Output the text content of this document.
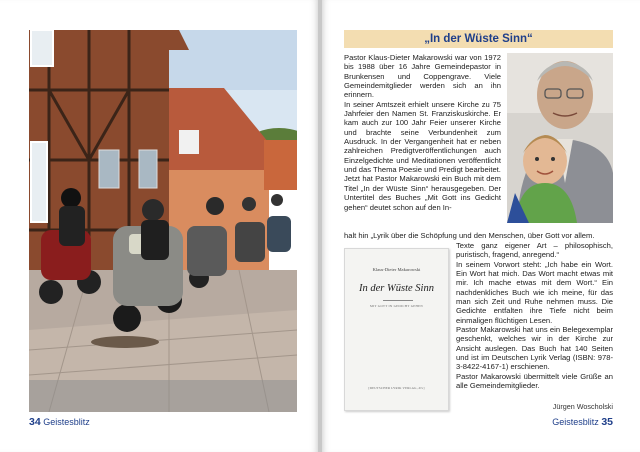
34 Geistesblitz
„In der Wüste Sinn“

Pastor Klaus-Dieter Makarowski war von 1972 bis 1988 über 16 Jahre Gemeindepastor in Brunkensen und Coppengrave. Viele Gemeindemitglieder werden sich an ihn erinnern.

In seiner Amtszeit erhielt unsere Kirche zu 75 Jahrfeier den Namen St. Franziskuskirche. Er kam auch zur 100 Jahr Feier unserer Kirche und brachte seine Verbundenheit zum Ausdruck. In der Vergangenheit hat er neben zahlreichen Predigtveröffentlichungen auch Einzelgedichte und Meditationen veröffentlicht und das Thema Poesie und Predigt bearbeitet.

Jetzt hat Pastor Makarowski ein Buch mit dem Titel „In der Wüste Sinn“ herausgegeben. Der Untertitel des Buches „Mit Gott ins Gedicht gehen“ deutet schon auf den In-

halt hin „Lyrik über die Schöpfung und den Menschen, über Gott vor allem.

Klaus-Dieter Makarowski
In der Wüste Sinn
MIT GOTT IN GEDICHT GEHEN
[DEUTSCHER LYRIK VERLAG, dlv]

Texte ganz eigener Art – philosophisch, puristisch, fragend, anregend.“

In seinem Vorwort steht: „Ich habe ein Wort. Ein Wort hat mich. Das Wort macht etwas mit mir. Ich mache etwas mit dem Wort.“ Ein nachdenkliches Buch wie ich meine, für das man sich Zeit und Ruhe nehmen muss. Die Gedichte entfalten ihre Tiefe nicht beim einmaligen flüchtigen Lesen.

Pastor Makarowski hat uns ein Belegexemplar geschenkt, welches wir in der Kirche zur Ansicht auslegen. Das Buch hat 140 Seiten und ist im Deutschen Lyrik Verlag (ISBN: 978-3-8422-4167-1) erschienen.

Pastor Makarowski übermittelt viele Grüße an alle Gemeindemitglieder.

Jürgen Woscholski
Geistesblitz 35
